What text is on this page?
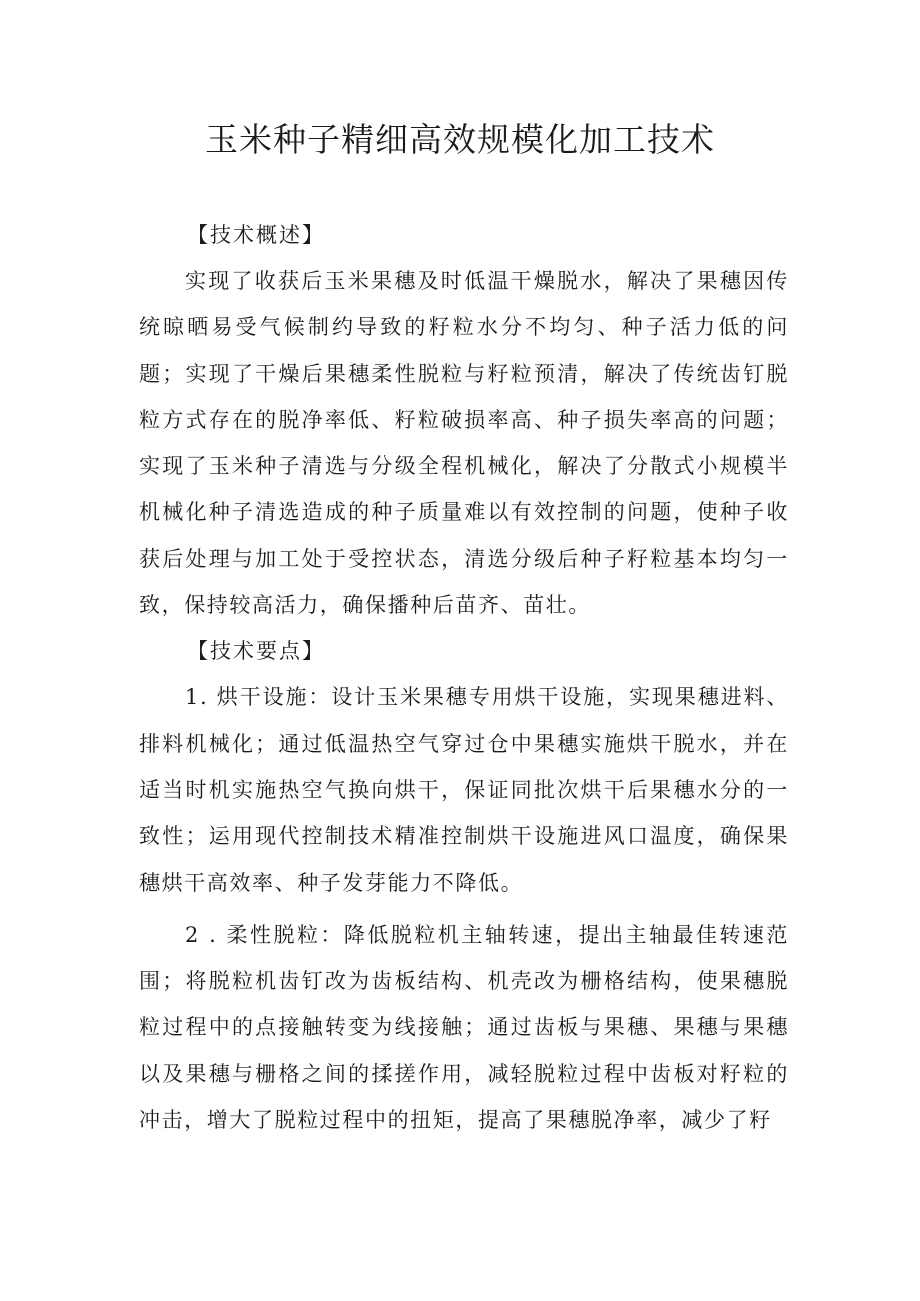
玉米种子精细高效规模化加工技术

【技术概述】

实现了收获后玉米果穗及时低温干燥脱水，解决了果穗因传统晾晒易受气候制约导致的籽粒水分不均匀、种子活力低的问题；实现了干燥后果穗柔性脱粒与籽粒预清，解决了传统齿钉脱粒方式存在的脱净率低、籽粒破损率高、种子损失率高的问题；实现了玉米种子清选与分级全程机械化，解决了分散式小规模半机械化种子清选造成的种子质量难以有效控制的问题，使种子收获后处理与加工处于受控状态，清选分级后种子籽粒基本均匀一致，保持较高活力，确保播种后苗齐、苗壮。

【技术要点】

1. 烘干设施：设计玉米果穗专用烘干设施，实现果穗进料、排料机械化；通过低温热空气穿过仓中果穗实施烘干脱水，并在适当时机实施热空气换向烘干，保证同批次烘干后果穗水分的一致性；运用现代控制技术精准控制烘干设施进风口温度，确保果穗烘干高效率、种子发芽能力不降低。

2 . 柔性脱粒：降低脱粒机主轴转速，提出主轴最佳转速范围；将脱粒机齿钉改为齿板结构、机壳改为栅格结构，使果穗脱粒过程中的点接触转变为线接触；通过齿板与果穗、果穗与果穗以及果穗与栅格之间的揉搓作用，减轻脱粒过程中齿板对籽粒的冲击，增大了脱粒过程中的扭矩，提高了果穗脱净率，减少了籽
